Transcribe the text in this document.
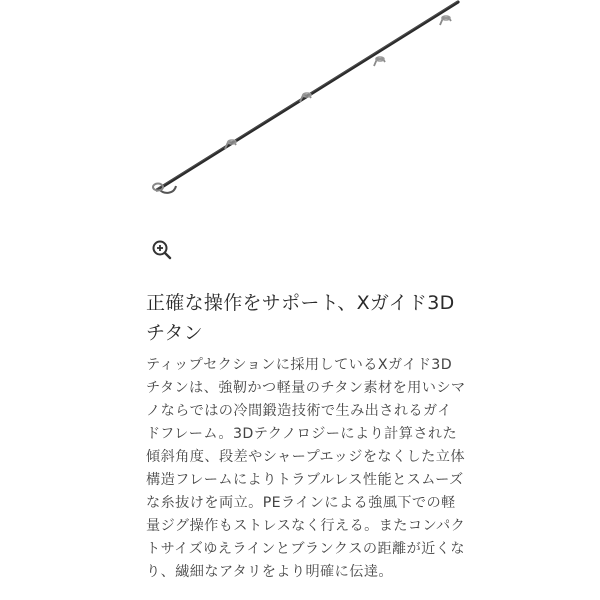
正確な操作をサポート、Xガイド3Dチタン

ティップセクションに採用しているXガイド3Dチタンは、強靭かつ軽量のチタン素材を用いシマノならではの冷間鍛造技術で生み出されるガイドフレーム。3Dテクノロジーにより計算された傾斜角度、段差やシャープエッジをなくした立体構造フレームによりトラブルレス性能とスムーズな糸抜けを両立。PEラインによる強風下での軽量ジグ操作もストレスなく行える。またコンパクトサイズゆえラインとブランクスの距離が近くなり、繊細なアタリをより明確に伝達。
